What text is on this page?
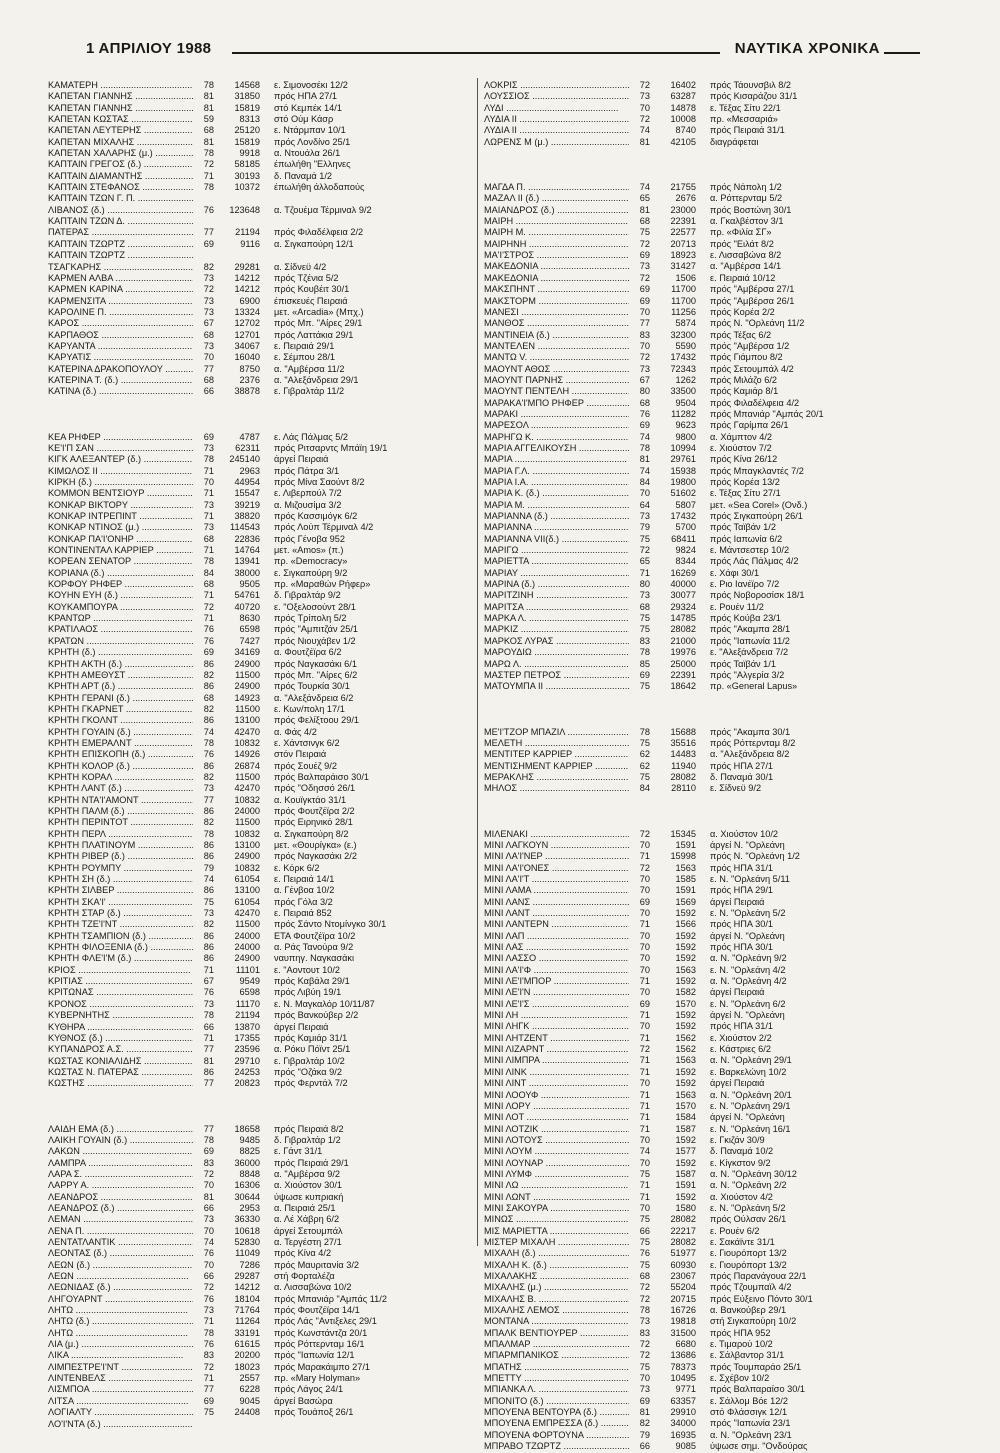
1 ΑΠΡΙΛΙΟΥ 1988	ΝΑΥΤΙΚΑ ΧΡΟΝΙΚΑ
ΚΑΜΑΤΕΡΗ .....	78	14568 ε. Σιμονοσέκι 12/2
ΚΑΠΕΤΑΝ ΓΙΑΝΝΗΣ .....	81	31850 πρός ΗΠΑ 27/1
ΚΑΠΕΤΑΝ ΓΙΑΝΝΗΣ .....	81	15819 στό Κεμπέκ 14/1
ΚΑΠΕΤΑΝ ΚΩΣΤΑΣ .....	59	8313 στό Ούμ Κάσρ
ΚΑΠΕΤΑΝ ΛΕΥΤΕΡΗΣ .....	68	25120 ε. Ντάρμπαν 10/1
ΚΑΠΕΤΑΝ ΜΙΧΑΛΗΣ .....	81	15819 πρός Λονδίνο 25/1
ΚΑΠΕΤΑΝ ΧΑΛΑΡΗΣ (μ.) .....	78	9918 α. Ντουάλα 26/1
ΚΑΠΤΑΙΝ ΓΡΕΓΟΣ (δ.) .....	72	58185 έπωλήθη "Ελληνες
ΚΑΠΤΑΙΝ ΔΙΑΜΑΝΤΗΣ .....	71	30193 δ. Παναμά 1/2
ΚΑΠΤΑΙΝ ΣΤΕΦΑΝΟΣ .....	78	10372 έπωλήθη άλλοδαπούς
ΚΑΠΤΑΙΝ ΤΖΩΝ Γ. Π. .....
ΛΙΒΑΝΟΣ (δ.) .....	76	123648 α. Τζουέμα Τέρμιναλ 9/2
ΚΑΠΤΑΙΝ ΤΖΩΝ Δ. .....
ΠΑΤΕΡΑΣ .....	77	21194 πρός Φιλαδέλφεια 2/2
ΚΑΠΤΑΙΝ ΤΖΩΡΤΖ .....	69	9116 α. Σιγκαπούρη 12/1
ΚΑΠΤΑΙΝ ΤΖΩΡΤΖ .....
ΤΣΑΓΚΑΡΗΣ .....	82	29281 α. Σίδνεϋ 4/2
ΚΑΡΜΕΝ ΑΛΒΑ .....	73	14212 πρός Τζένια 5/2
ΚΑΡΜΕΝ ΚΑΡΙΝΑ .....	72	14212 πρός Κουβέιτ 30/1
ΚΑΡΜΕΝΣΙΤΑ .....	73	6900 έπισκευές Πειραιά
ΚΑΡΟΛΙΝΕ Π. .....	73	13324 μετ. «Arcadia» (Μπχ.)
ΚΑΡΟΣ .....	67	12702 πρός Μπ. "Αίρες 29/1
ΚΑΡΠΑΘΟΣ .....	68	12701 πρός Λαττάκια 29/1
ΚΑΡΥΑΝΤΑ .....	73	34067 ε. Πειραιά 29/1
ΚΑΡΥΑΤΙΣ .....	70	16040 ε. Σέμπου 28/1
ΚΑΤΕΡΙΝΑ ΔΡΑΚΟΠΟΥΛΟΥ .....	77	8750 α. "Αμβέρσα 11/2
ΚΑΤΕΡΙΝΑ Τ. (δ.) .....	68	2376 α. "Αλεξάνδρεια 29/1
ΚΑΤΙΝΑ (δ.) .....	66	38878 ε. Γιβραλτάρ 11/2
ΚΕΑ ΡΗΦΕΡ .....	69	4787 ε. Λάς Πάλμας 5/2
ΚΕ'Ι'Π ΣΑΝ .....	73	62311 πρός Ριτσαρντς Μπάϊη 19/1
ΚΙΓΚ ΑΛΕΞΑΝΤΕΡ (δ.) .....	78	245140 άργεί Πειραιά
ΚΙΜΩΛΟΣ ΙΙ .....	71	2963 πρός Πάτρα 3/1
ΚΙΡΚΗ (δ.) .....	70	44954 πρός Μίνα Σαούντ 8/2
ΚΟΜΜΟΝ ΒΕΝΤΣΙΟΥΡ .....	71	15547 ε. Λιβερπούλ 7/2
ΚΟΝΚΑΡ ΒΙΚΤΟΡΥ .....	73	39219 α. Μιζουσίμα 3/2
ΚΟΝΚΑΡ ΙΝΤΡΕΠΙΝΤ .....	71	38820 πρός Κασσιμόγκ 6/2
ΚΟΝΚΑΡ ΝΤΙΝΟΣ (μ.) .....	73	114543 πρός Λούπ Τέρμιναλ 4/2
ΚΟΝΚΑΡ ΠΑ'Ι'ΟΝΗΡ .....	68	22836 πρός Γένοβα 952
ΚΟΝΤΙΝΕΝΤΑΛ ΚΑΡΡΙΕΡ .....	71	14764 μετ. «Amos» (π.)
ΚΟΡΕΑΝ ΣΕΝΑΤΟΡ .....	78	13941 πρ. «Democracy»
ΚΟΡΙΑΝΑ (δ.) .....	84	38000 ε. Σιγκαπούρη 9/2
ΚΟΡΦΟΥ ΡΗΦΕΡ .....	68	9505 πρ. «Μαραθών Ρήφερ»
ΚΟΥΗΝ ΕΥΗ (δ.) .....	71	54761 δ. Γιβραλτάρ 9/2
ΚΟΥΚΑΜΠΟΥΡΑ .....	72	40720 ε. "Οξελοσούντ 28/1
ΚΡΑΝΤΩΡ .....	71	8630 πρός Τρίπολη 5/2
ΚΡΑΤΙΛΑΟΣ .....	76	6598 πρός "Αμπιτζάν 25/1
ΚΡΑΤΩΝ .....	76	7427 πρός Νιουχάβεν 1/2
ΚΡΗΤΗ (δ.) .....	69	34169 α. Φουτζέϊρα 6/2
ΚΡΗΤΗ ΑΚΤΗ (δ.) .....	86	24900 πρός Ναγκασάκι 6/1
ΚΡΗΤΗ ΑΜΕΘΥΣΤ .....	82	11500 πρός Μπ. "Αίρες 6/2
ΚΡΗΤΗ ΑΡΤ (δ.) .....	86	24900 πρός Τουρκία 30/1
ΚΡΗΤΗ ΓΕΡΑΝΙ (δ.) .....	68	14923 α. "Αλεξάνδρεια 6/2
ΚΡΗΤΗ ΓΚΑΡΝΕΤ .....	82	11500 ε. Κων/πολη 17/1
ΚΡΗΤΗ ΓΚΟΛΝΤ .....	86	13100 πρός Φελίξτοου 29/1
ΚΡΗΤΗ ΓΟΥΑΙΝ (δ.) .....	74	42470 α. Φάς 4/2
ΚΡΗΤΗ ΕΜΕΡΑΛΝΤ .....	78	10832 ε. Χάντσινγκ 6/2
ΚΡΗΤΗ ΕΠΙΣΚΟΠΗ (δ.) .....	76	14926 στόν Πειραιά
ΚΡΗΤΗ ΚΟΛΟΡ (δ.) .....	86	26874 πρός Σουέζ 9/2
ΚΡΗΤΗ ΚΟΡΑΛ .....	82	11500 πρός Βαλπαράισο 30/1
ΚΡΗΤΗ ΛΑΝΤ (δ.) .....	73	42470 πρός "Οδησσό 26/1
ΚΡΗΤΗ ΝΤΑ'Ι'ΑΜΟΝΤ .....	77	10832 α. Κουϊγκτάο 31/1
ΚΡΗΤΗ ΠΑΛΜ (δ.) .....	86	24000 πρός Φουτζέϊρα 2/2
ΚΡΗΤΗ ΠΕΡΙΝΤΟΤ .....	82	11500 πρός Ειρηνικό 28/1
ΚΡΗΤΗ ΠΕΡΛ .....	78	10832 α. Σιγκαπούρη 8/2
ΚΡΗΤΗ ΠΛΑΤΙΝΟΥΜ .....	86	13100 μετ. «Θουρίγκα» (ε.)
ΚΡΗΤΗ ΡΙΒΕΡ (δ.) .....	86	24900 πρός Ναγκασάκι 2/2
ΚΡΗΤΗ ΡΟΥΜΠΥ .....	79	10832 ε. Κόρκ 6/2
ΚΡΗΤΗ ΣΗ (δ.) .....	74	61054 ε. Πειραιά 14/1
ΚΡΗΤΗ ΣΙΛΒΕΡ .....	86	13100 α. Γένβοα 10/2
ΚΡΗΤΗ ΣΚΑ'Ι' .....	75	61054 πρός Γόλα 3/2
ΚΡΗΤΗ ΣΤΑΡ (δ.) .....	73	42470 ε. Πειραιά 852
ΚΡΗΤΗ ΤΖΕ'Ι'ΝΤ .....	82	11500 πρός Σάντο Ντομίνγκο 30/1
ΚΡΗΤΗ ΤΣΑΜΠΙΟΝ (δ.) .....	86	24000 ΕΤΑ Φουτζέϊρα 10/2
ΚΡΗΤΗ ΦΙΛΟΞΕΝΙΑ (δ.) .....	86	24000 α. Ράς Τανούρα 9/2
ΚΡΗΤΗ ΦΛΕ'Ι'Μ (δ.) .....	86	24900 ναυπηγ. Ναγκασάκι
ΚΡΙΟΣ .....	71	11101 ε. "Αοντουτ 10/2
ΚΡΙΤΙΑΣ .....	67	9549 πρός Καβάλα 29/1
ΚΡΙΤΩΝΑΣ .....	76	6598 πρός Λιβύη 19/1
ΚΡΟΝΟΣ .....	73	11170 ε. Ν. Μαγκαλόρ 10/11/87
ΚΥΒΕΡΝΗΤΗΣ .....	78	21194 πρός Βανκούβερ 2/2
ΚΥΘΗΡΑ .....	66	13870 άργεί Πειραιά
ΚΥΘΝΟΣ (δ.) .....	71	17355 πρός Καμιάρ 31/1
ΚΥΠΑΝΔΡΟΣ Α.Σ. .....	77	23596 α. Ρόκυ Πόϊντ 25/1
ΚΩΣΤΑΣ ΚΟΝΙΑΛΙΔΗΣ .....	81	29710 ε. Γιβραλτάρ 10/2
ΚΩΣΤΑΣ Ν. ΠΑΤΕΡΑΣ .....	86	24253 πρός "Οζάκα 9/2
ΚΩΣΤΗΣ .....	77	20823 πρός Φερντάλ 7/2
ΛΑΙΔΗ ΕΜΑ (δ.) .....	77	18658 πρός Πειραιά 8/2
ΛΑΙΚΗ ΓΟΥΑΙΝ (δ.) .....	78	9485 δ. Γιβραλτάρ 1/2
ΛΑΚΩΝ .....	69	8825 ε. Γάντ 31/1
ΛΑΜΠΡΑ .....	83	36000 πρός Πειραιά 29/1
ΛΑΡΑ Σ. .....	72	8848 α. "Αμβέρσα 9/2
ΛΑΡΡΥ Α. .....	70	16306 α. Χιούστον 30/1
ΛΕΑΝΔΡΟΣ .....	81	30644 ύψωσε κυπριακή
ΛΕΑΝΔΡΟΣ (δ.) .....	66	2953 α. Πειραιά 25/1
ΛΕΜΑΝ .....	73	36330 α. Λέ Χάβρη 6/2
ΛΕΝΑ Π. .....	70	10618 άργεί Σετουμπάλ
ΛΕΝΤΑΤΛΑΝΤΙΚ .....	74	52830 α. Τεργέστη 27/1
ΛΕΟΝΤΑΣ (δ.) .....	76	11049 πρός Κίνα 4/2
ΛΕΩΝ (δ.) .....	70	7286 πρός Μαυριτανία 3/2
ΛΕΩΝ .....	66	29287 στή Φορταλέζα
ΛΕΩΝΙΔΑΣ (δ.) .....	72	14212 α. Λισσαβώνα 10/2
ΛΗΓΟΥΑΡΝΤ .....	76	18104 πρός Μπανιάρ "Αμπάς 11/2
ΛΗΤΩ .....	73	71764 πρός Φουτζέϊρα 14/1
ΛΗΤΩ (δ.) .....	71	11264 πρός Λάς "Αντιξελες 29/1
ΛΗΤΩ .....	78	33191 πρός Κωνστάντζα 20/1
ΛΙΑ (μ.) .....	76	61615 πρός Ρόττερνταμ 16/1
ΛΙΚΑ .....	83	20200 πρός "Ιαπωνία 12/1
ΛΙΜΠΕΣΤΡΕ'Ι'ΝΤ .....	72	18023 πρός Μαρακάιμπο 27/1
ΛΙΝΤΕΝΒΕΛΣ .....	71	2557 πρ. «Mary Holyman»
ΛΙΣΜΠΟΑ .....	77	6228 πρός Λάγος 24/1
ΛΙΤΣΑ .....	69	9045 άργεί Βασώρα
ΛΟΓΙΑΛΤΥ .....	75	24408 πρός Τουάποξ 26/1
ΛΟ'Ι'ΝΤΑ (δ.) .....
ΛΟΚΡΙΣ .....	72	16402 πρός Τάουνσβιλ 8/2
ΛΟΥΣΣΙΟΣ .....	73	63287 πρός Κισαράζου 31/1
ΛΥΔΙ .....	70	14878 ε. Τέξας Σίτυ 22/1
ΛΥΔΙΑ ΙΙ .....	72	10008 πρ. «Μεσσαριά»
ΛΥΔΙΑ ΙΙ .....	74	8740 πρός Πειραιά 31/1
ΛΩΡΕΝΣ Μ (μ.) .....	81	42105 διαγράφεται
ΜΑΓΔΑ Π. .....	74	21755 πρός Νάπολη 1/2
ΜΑΖΑΛ ΙΙ (δ.) .....	65	2676 α. Ρόττερνταμ 5/2
ΜΑΙΑΝΔΡΟΣ (δ.) .....	81	23000 πρός Βοστώνη 30/1
ΜΑΙΡΗ .....	68	22391 α. Γκαλβέστον 3/1
ΜΑΙΡΗ Μ. .....	75	22577 πρ. «Φιλία ΣΓ»
ΜΑΙΡΗΝΗ .....	72	20713 πρός "Ειλάτ 8/2
ΜΑ'Ι'ΣΤΡΟΣ .....	69	18923 ε. Λισσαβώνα 8/2
ΜΑΚΕΔΟΝΙΑ .....	73	31427 α. "Αμβέρσα 14/1
ΜΑΚΕΔΟΝΙΑ .....	72	1506 ε. Πειραιά 10/12
ΜΑΚΣΠΗΝΤ .....	69	11700 πρός "Αμβέρσα 27/1
ΜΑΚΣΤΟΡΜ .....	69	11700 πρός "Αμβέρσα 26/1
ΜΑΝΕΣΙ .....	70	11256 πρός Κορέα 2/2
ΜΑΝΘΟΣ .....	77	5874 πρός Ν. "Ορλεάνη 11/2
ΜΑΝΤΙΝΕΙΑ (δ.) .....	83	32300 πρός Τέξας 6/2
ΜΑΝΤΕΛΕΝ .....	70	5590 πρός "Αμβέρσα 1/2
ΜΑΝΤΩ V. .....	72	17432 πρός Γιάμπου 8/2
ΜΑΟΥΝΤ ΑΘΩΣ .....	73	72343 πρός Σετουμπάλ 4/2
ΜΑΟΥΝΤ ΠΑΡΝΗΣ .....	67	1262 πρός Μιλάζο 6/2
ΜΑΟΥΝΤ ΠΕΝΤΕΛΗ .....	80	33500 πρός Καμιάρ 8/1
ΜΑΡΑΚΑ'Ι'ΜΠΟ ΡΗΦΕΡ .....	68	9504 πρός Φιλαδέλφεια 4/2
ΜΑΡΑΚΙ .....	76	11282 πρός Μπανιάρ "Αμπάς 20/1
ΜΑΡΕΣΟΛ .....	69	9623 πρός Γαρίμπα 26/1
ΜΑΡΗΓΩ Κ. .....	74	9800 α. Χάμπτον 4/2
ΜΑΡΙΑ ΑΓΓΕΛΙΚΟΥΣΗ .....	78	10994 ε. Χιούστον 7/2
ΜΑΡΙΑ .....	81	29761 πρός Κίνα 26/12
ΜΑΡΙΑ Γ.Λ. .....	74	15938 πρός Μπαγκλαντές 7/2
ΜΑΡΙΑ Ι.Α. .....	84	19800 πρός Κορέα 13/2
ΜΑΡΙΑ Κ. (δ.) .....	70	51602 ε. Τέξας Σίτυ 27/1
ΜΑΡΙΑ Μ. .....	64	5807 μετ. «Sea Corel» (Ονδ.)
ΜΑΡΙΑΝΝΑ (δ.) .....	73	17432 πρός Σιγκαπούρη 26/1
ΜΑΡΙΑΝΝΑ .....	79	5700 πρός Ταϊβάν 1/2
ΜΑΡΙΑΝΝΑ VII(δ.) .....	75	68411 πρός Ιαπωνία 6/2
ΜΑΡΙΓΩ .....	72	9824 ε. Μάντσεστερ 10/2
ΜΑΡΙΕΤΤΑ .....	65	8344 πρός Λάς Πάλμας 4/2
ΜΑΡΙΑΥ .....	71	16269 ε. Χάφι 30/1
ΜΑΡΙΝΑ (δ.) .....	80	40000 ε. Ριο Ιανέϊρο 7/2
ΜΑΡΙΤΖΙΝΗ .....	73	30077 πρός Νοβοροσίσκ 18/1
ΜΑΡΙΤΣΑ .....	68	29324 ε. Ρουέν 11/2
ΜΑΡΚΑ Λ. .....	75	14785 πρός Κούβα 23/1
ΜΑΡΚΙΖ .....	75	28082 πρός "Ακαμπα 28/1
ΜΑΡΚΟΣ ΛΥΡΑΣ .....	83	21000 πρός "Ιαπωνία 11/2
ΜΑΡΟΥΔΙΩ .....	78	19976 ε. "Αλεξάνδρεια 7/2
ΜΑΡΩ Λ. .....	85	25000 πρός Ταϊβάν 1/1
ΜΑΣΤΕΡ ΠΕΤΡΟΣ .....	69	22391 πρός "Αλγερία 3/2
ΜΑΤΟΥΜΠΑ ΙΙ .....	75	18642 πρ. «General Lapus»
ΜΕ'Ι'ΤΖΟΡ ΜΠΑΖΙΛ .....	78	15688 πρός "Ακαμπα 30/1
ΜΕΛΕΤΗ .....	75	35516 πρός Ρόττερνταμ 8/2
ΜΕΝΤΙΤΕΡ ΚΑΡΡΙΕΡ .....	62	14483 α. "Αλεξάνδρεια 8/2
ΜΕΝΤΙΣΗΜΕΝΤ ΚΑΡΡΙΕΡ .....	62	11940 πρός ΗΠΑ 27/1
ΜΕΡΑΚΛΗΣ .....	75	28082 δ. Παναμά 30/1
ΜΗΛΟΣ .....	84	28110 ε. Σίδνεϋ 9/2
ΜΙΛΕΝΑΚΙ .....	72	15345 α. Χιούστον 10/2
ΜΙΝΙ ΛΑΓΚΟΥΝ .....	70	1591 άργεί Ν. "Ορλεάνη
ΜΙΝΙ ΛΑ'Ι'ΝΕΡ .....	71	15998 πρός Ν. "Ορλεάνη 1/2
ΜΙΝΙ ΛΑ'Ι'ΟΝΕΣ .....	72	1563 πρός ΗΠΑ 31/1
ΜΙΝΙ ΛΑ'Ι'Τ .....	70	1585 ε. Ν. "Ορλεάνη 5/11
ΜΙΝΙ ΛΑΜΑ .....	70	1591 πρός ΗΠΑ 29/1
ΜΙΝΙ ΛΑΝΣ .....	69	1569 άργεί Πειραιά
ΜΙΝΙ ΛΑΝΤ .....	70	1592 ε. Ν. "Ορλεάνη 5/2
ΜΙΝΙ ΛΑΝΤΕΡΝ .....	71	1566 πρός ΗΠΑ 30/1
ΜΙΝΙ ΛΑΠ .....	70	1592 άργεί Ν. "Ορλεάνη
ΜΙΝΙ ΛΑΣ .....	70	1592 πρός ΗΠΑ 30/1
ΜΙΝΙ ΛΑΣΣΟ .....	70	1592 α. Ν. "Ορλεάνη 9/2
ΜΙΝΙ ΛΑ'Ι'Φ .....	70	1563 ε. Ν. "Ορλεάνη 4/2
ΜΙΝΙ ΛΕ'Ι'ΜΠΟΡ .....	71	1592 α. Ν. "Ορλεάνη 4/2
ΜΙΝΙ ΛΕ'Ι'Ν .....	70	1582 άργεί Πειραιά
ΜΙΝΙ ΛΕ'Ι'Σ .....	69	1570 ε. Ν. "Ορλεάνη 6/2
ΜΙΝΙ ΛΗ .....	71	1592 άργεί Ν. "Ορλεάνη
ΜΙΝΙ ΛΗΓΚ .....	70	1592 πρός ΗΠΑ 31/1
ΜΙΝΙ ΛΗΤΖΕΝΤ .....	71	1562 ε. Χιούστον 2/2
ΜΙΝΙ ΛΙΖΑΡΝΤ .....	72	1562 ε. Κάστριες 6/2
ΜΙΝΙ ΛΙΜΠΡΑ .....	71	1563 α. Ν. "Ορλεάνη 29/1
ΜΙΝΙ ΛΙΝΚ .....	71	1592 ε. Βαρκελώνη 10/2
ΜΙΝΙ ΛΙΝΤ .....	70	1592 άργεί Πειραιά
ΜΙΝΙ ΛΟΟΥΦ .....	71	1563 α. Ν. "Ορλεάνη 20/1
ΜΙΝΙ ΛΟΡΥ .....	71	1570 ε. Ν. "Ορλεάνη 29/1
ΜΙΝΙ ΛΟΤ .....	71	1584 άργεί Ν. "Ορλεάνη
ΜΙΝΙ ΛΟΤΖΙΚ .....	71	1587 ε. Ν. "Ορλεάνη 16/1
ΜΙΝΙ ΛΟΤΟΥΣ .....	70	1592 ε. Γκιζάν 30/9
ΜΙΝΙ ΛΟΥΜ .....	74	1577 δ. Παναμά 10/2
ΜΙΝΙ ΛΟΥΝΑΡ .....	70	1592 ε. Κίγκστον 9/2
ΜΙΝΙ ΛΥΜΦ .....	75	1587 α. Ν. "Ορλεάνη 30/12
ΜΙΝΙ ΛΩ .....	71	1591 α. Ν. "Ορλεάνη 2/2
ΜΙΝΙ ΛΩΝΤ .....	71	1592 α. Χιούστον 4/2
ΜΙΝΙ ΣΑΚΟΥΡΑ .....	70	1580 ε. Ν. "Ορλεάνη 5/2
ΜΙΝΩΣ .....	75	28082 πρός Ούλσαν 26/1
ΜΙΣ ΜΑΡΙΕΤΤΑ .....	66	22217 ε. Ρουέν 6/2
ΜΙΣΤΕΡ ΜΙΧΑΛΗ .....	75	28082 ε. Σακάϊντε 31/1
ΜΙΧΑΛΗ (δ.) .....	76	51977 ε. Γιουρόπορτ 13/2
ΜΙΧΑΛΗ Κ. (δ.) .....	75	60930 ε. Γιουρόπορτ 13/2
ΜΙΧΑΛΑΚΗΣ .....	68	23067 πρός Παρανάγουα 22/1
ΜΙΧΑΛΗΣ (μ.) .....	72	55204 πρός Τζουμπαϊλ 4/2
ΜΙΧΑΛΗΣ Β. .....	72	20715 πρός Εύξεινο Πόντο 30/1
ΜΙΧΑΛΗΣ ΛΕΜΟΣ .....	78	16726 α. Βανκούβερ 29/1
ΜΟΝΤΑΝΑ .....	73	19818 στή Σιγκαπούρη 10/2
ΜΠΑΛΚ ΒΕΝΤΙΟΥΡΕΡ .....	83	31500 πρός ΗΠΑ 952
ΜΠΑΛΜΑΡ .....	72	6680 ε. Τιμαρού 10/2
ΜΠΑΡΜΠΑΝΙΚΟΣ .....	72	13686 ε. Σάλβαντορ 31/1
ΜΠΑΤΗΣ .....	75	78373 πρός Τουμπαράο 25/1
ΜΠΕΤΤΥ .....	70	10495 ε. Σχέβον 10/2
ΜΠΙΑΝΚΑ Λ. .....	73	9771 πρός Βαλπαραίσο 30/1
ΜΠΟΝΙΤΟ (δ.) .....	69	63357 ε. Σάλλομ Βόε 12/2
ΜΠΟΥΕΝΑ ΒΕΝΤΟΥΡΑ (δ.) .....	81	29910 στό Φλάσσιγκ 12/1
ΜΠΟΥΕΝΑ ΕΜΠΡΕΣΣΑ (δ.) .....	82	34000 πρός "Ιαπωνία 23/1
ΜΠΟΥΕΝΑ ΦΟΡΤΟΥΝΑ .....	79	16935 α. Ν. "Ορλεάνη 23/1
ΜΠΡΑΒΟ ΤΖΩΡΤΖ .....	66	9085 ύψωσε σημ. "Ονδούρας
